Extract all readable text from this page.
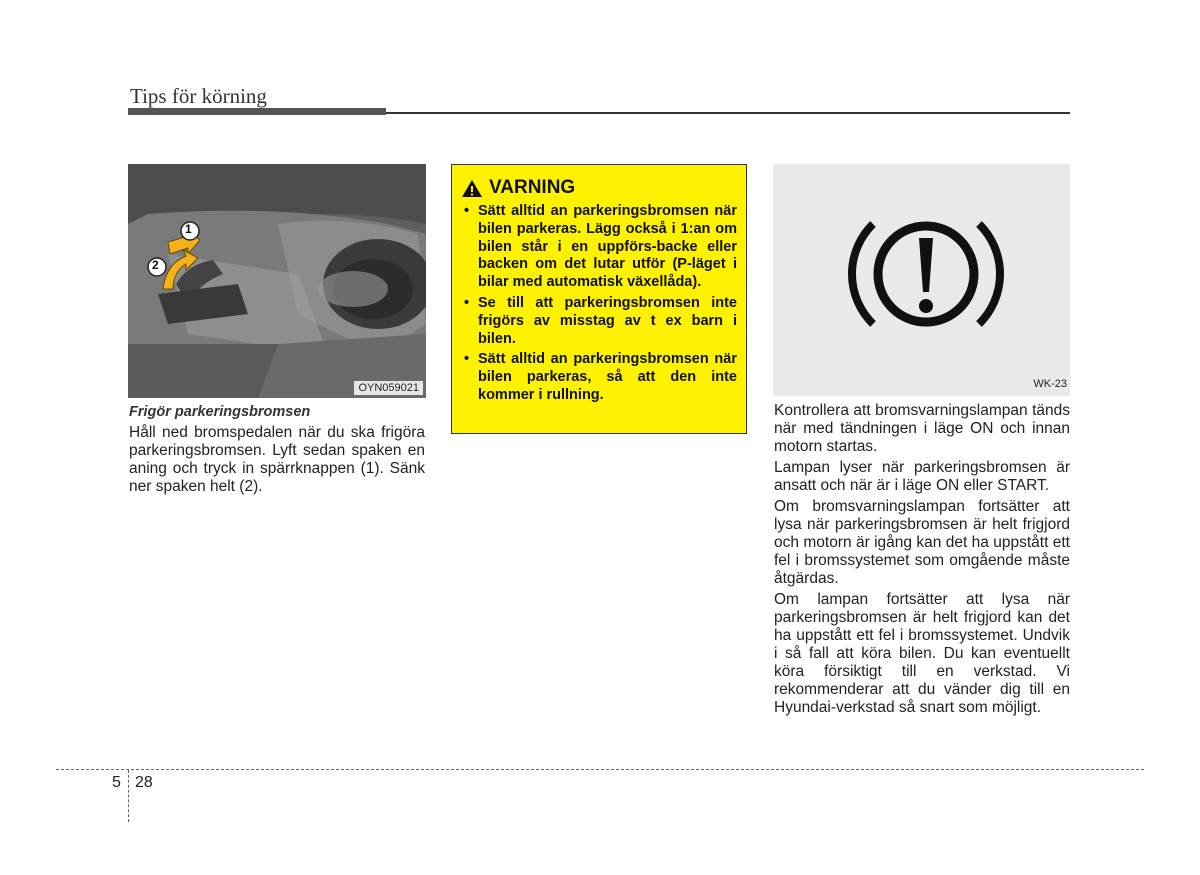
Tips för körning
1
2
OYN059021
Frigör parkeringsbromsen
Håll ned bromspedalen när du ska frigöra parkeringsbromsen. Lyft sedan spaken en aning och tryck in spärrknappen (1). Sänk ner spaken helt (2).
VARNING
• Sätt alltid an parkeringsbromsen när bilen parkeras. Lägg också i 1:an om bilen står i en uppförs-backe eller backen om det lutar utför (P-läget i bilar med automatisk växellåda).
• Se till att parkeringsbromsen inte frigörs av misstag av t ex barn i bilen.
• Sätt alltid an parkeringsbromsen när bilen parkeras, så att den inte kommer i rullning.
WK-23

Kontrollera att bromsvarningslampan tänds när med tändningen i läge ON och innan motorn startas.

Lampan lyser när parkeringsbromsen är ansatt och när är i läge ON eller START.

Om bromsvarningslampan fortsätter att lysa när parkeringsbromsen är helt frigjord och motorn är igång kan det ha uppstått ett fel i bromssystemet som omgående måste åtgärdas.

Om lampan fortsätter att lysa när parkeringsbromsen är helt frigjord kan det ha uppstått ett fel i bromssystemet. Undvik i så fall att köra bilen. Du kan eventuellt köra försiktigt till en verkstad. Vi rekommenderar att du vänder dig till en Hyundai-verkstad så snart som möjligt.

5 28
